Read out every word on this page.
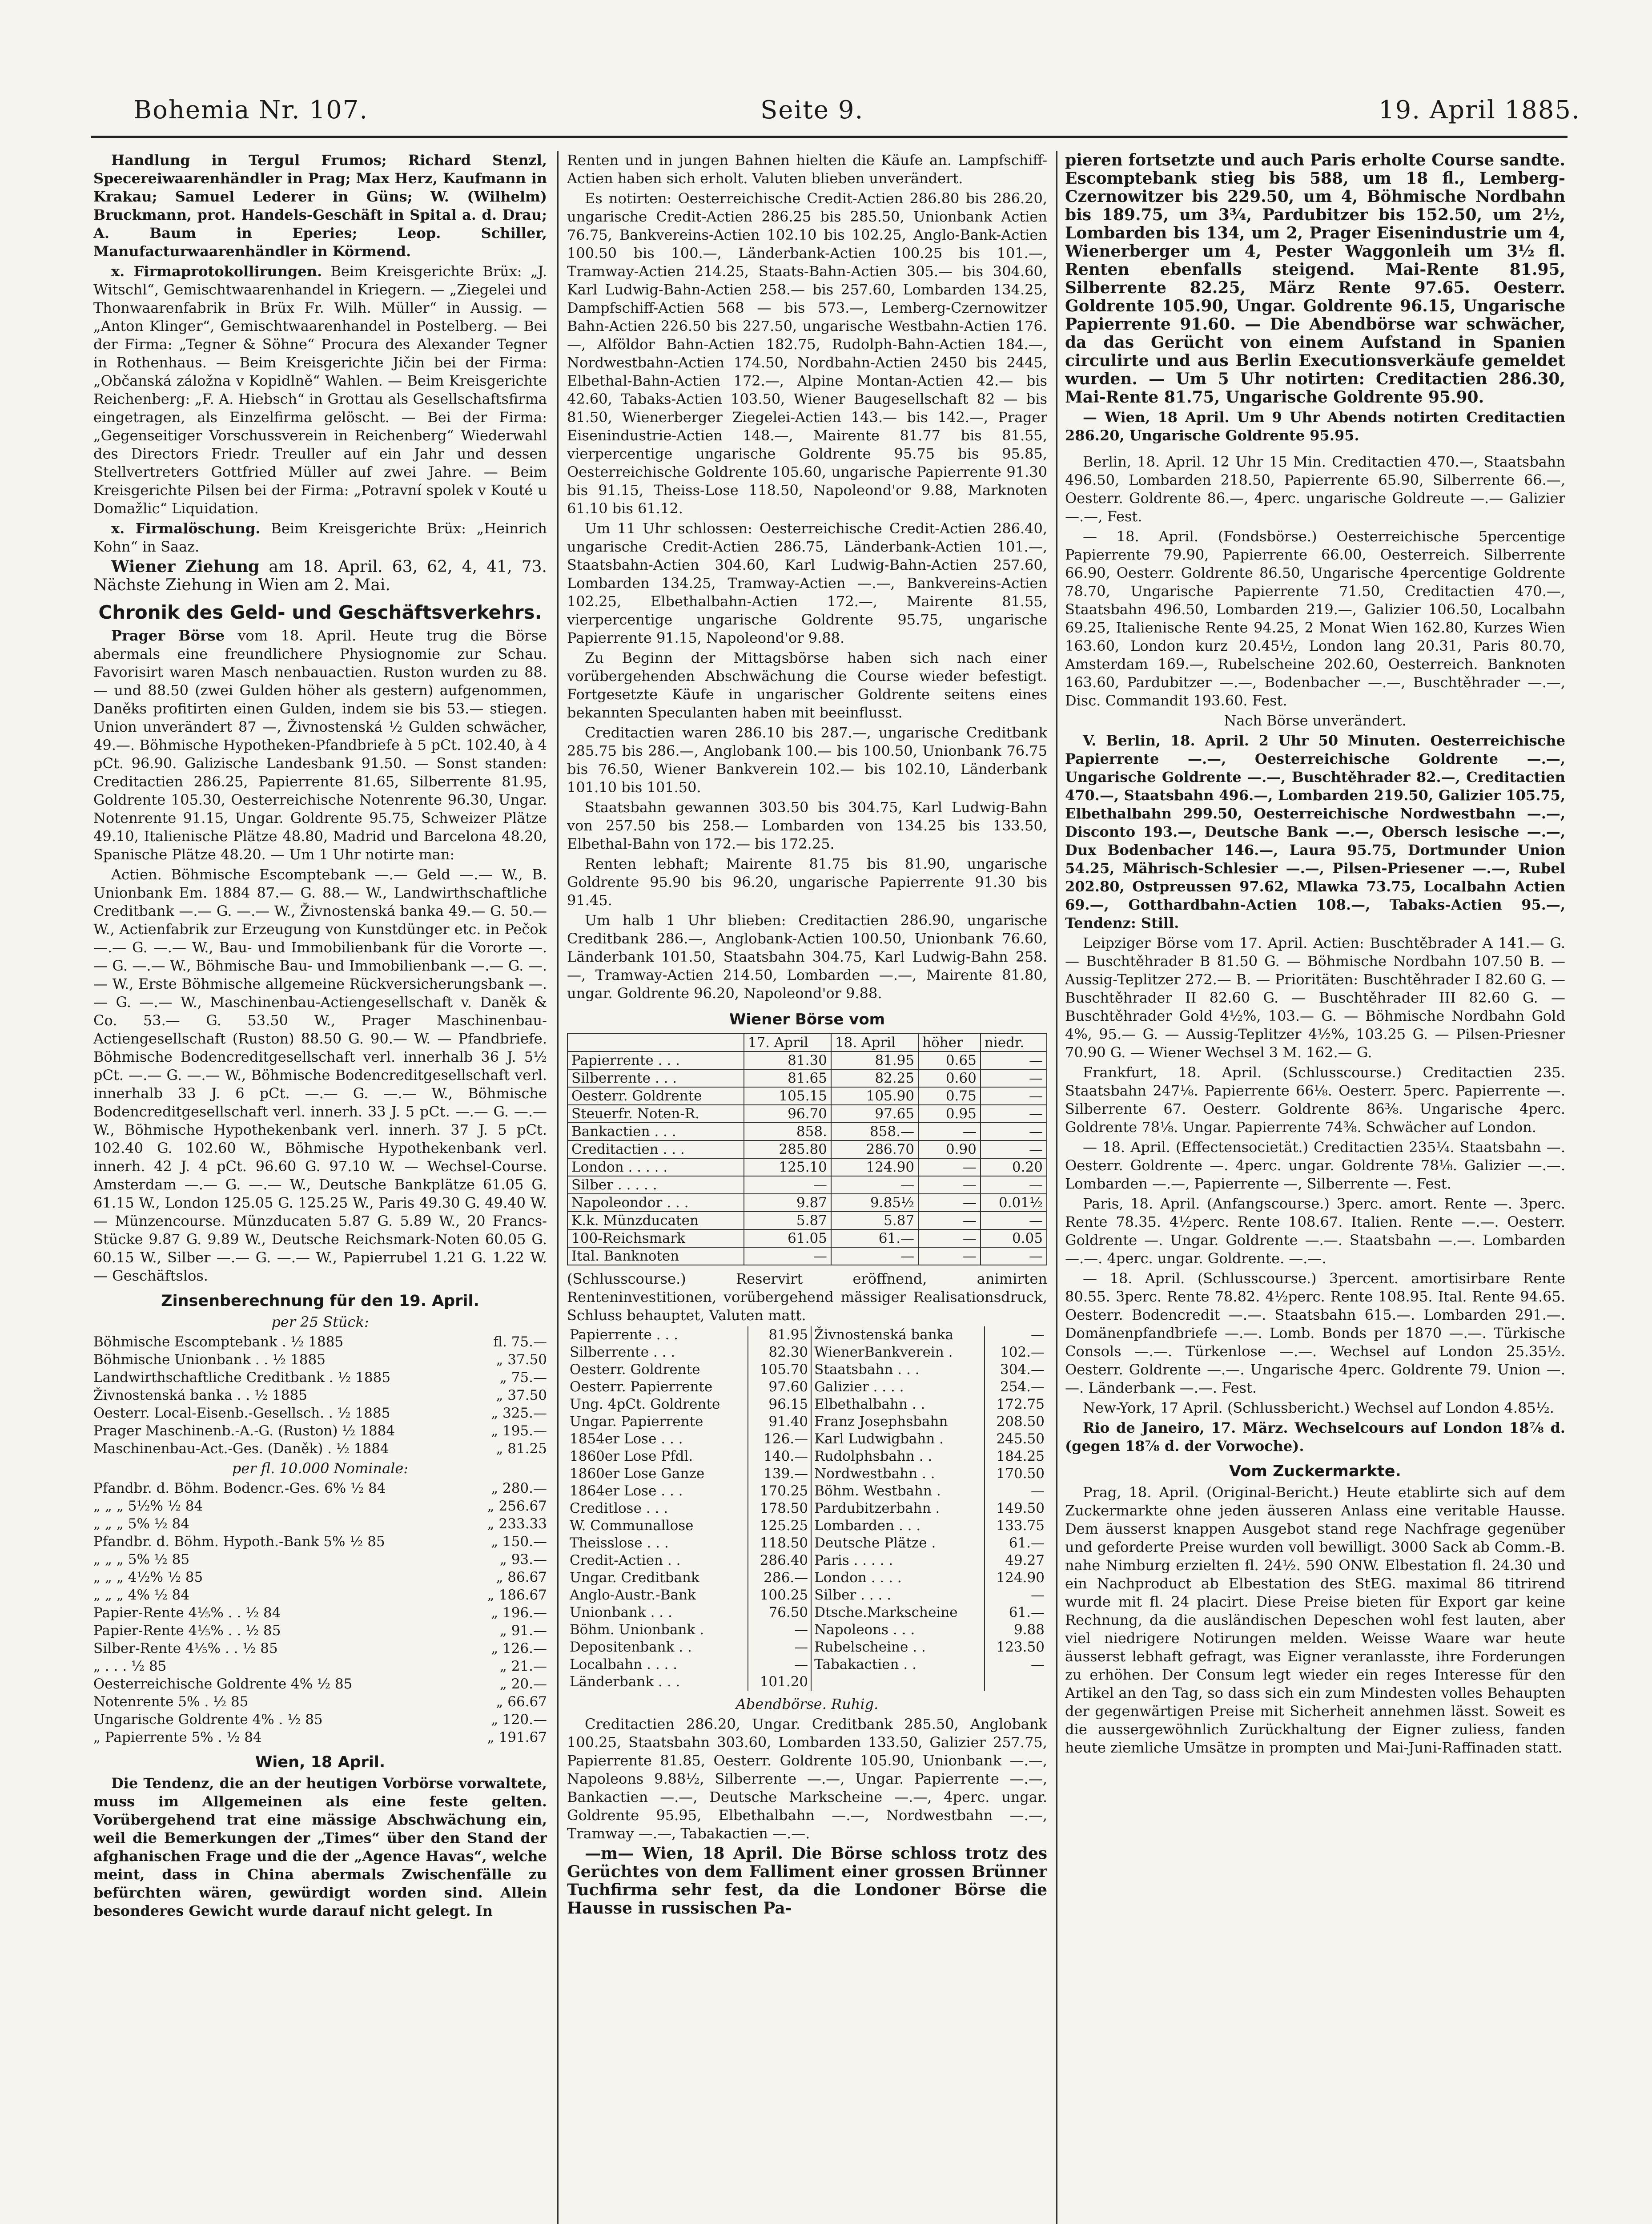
Bohemia Nr. 107.	Seite 9.	19. April 1885.

Handlung in Tergul Frumos; Richard Stenzl, Specereiwaarenhändler in Prag; Max Herz, Kaufmann in Krakau; Samuel Lederer in Güns; W. (Wilhelm) Bruckmann, prot. Handels-Geschäft in Spital a. d. Drau; A. Baum in Eperies; Leop. Schiller, Manufacturwaarenhändler in Körmend.

x. Firmaprotokollirungen. Beim Kreisgerichte Brüx: „J. Witschl“, Gemischtwaarenhandel in Kriegern. — „Ziegelei und Thonwaarenfabrik in Brüx Fr. Wilh. Müller“ in Aussig. — „Anton Klinger“, Gemischtwaarenhandel in Postelberg. — Bei der Firma: „Tegner & Söhne“ Procura des Alexander Tegner in Rothenhaus. — Beim Kreisgerichte Jičin bei der Firma: „Občanská záložna v Kopidlně“ Wahlen. — Beim Kreisgerichte Reichenberg: „F. A. Hiebsch“ in Grottau als Gesellschaftsfirma eingetragen, als Einzelfirma gelöscht. — Bei der Firma: „Gegenseitiger Vorschussverein in Reichenberg“ Wiederwahl des Directors Friedr. Treuller auf ein Jahr und dessen Stellvertreters Gottfried Müller auf zwei Jahre. — Beim Kreisgerichte Pilsen bei der Firma: „Potravní spolek v Kouté u Domažlic“ Liquidation.

x. Firmalöschung. Beim Kreisgerichte Brüx: „Heinrich Kohn“ in Saaz.

Wiener Ziehung am 18. April. 63, 62, 4, 41, 73. Nächste Ziehung in Wien am 2. Mai.

Chronik des Geld- und Geschäftsverkehrs.

Prager Börse vom 18. April. Heute trug die Börse abermals eine freundlichere Physiognomie zur Schau. Favorisirt waren Masch nenbauactien. Ruston wurden zu 88.— und 88.50 (zwei Gulden höher als gestern) aufgenommen, Daněks profitirten einen Gulden, indem sie bis 53.— stiegen. Union unverändert 87 —, Živnostenská ½ Gulden schwächer, 49.—. Böhmische Hypotheken-Pfandbriefe à 5 pCt. 102.40, à 4 pCt. 96.90. Galizische Landesbank 91.50. — Sonst standen: Creditactien 286.25, Papierrente 81.65, Silberrente 81.95, Goldrente 105.30, Oesterreichische Notenrente 96.30, Ungar. Notenrente 91.15, Ungar. Goldrente 95.75, Schweizer Plätze 49.10, Italienische Plätze 48.80, Madrid und Barcelona 48.20, Spanische Plätze 48.20. — Um 1 Uhr notirte man:

Actien. Böhmische Escomptebank —.— Geld —.— W., B. Unionbank Em. 1884 87.— G. 88.— W., Landwirthschaftliche Creditbank —.— G. —.— W., Živnostenská banka 49.— G. 50.— W., Actienfabrik zur Erzeugung von Kunstdünger etc. in Pečok —.— G. —.— W., Bau- und Immobilienbank für die Vororte —.— G. —.— W., Böhmische Bau- und Immobilienbank —.— G. —.— W., Erste Böhmische allgemeine Rückversicherungsbank —.— G. —.— W., Maschinenbau-Actiengesellschaft v. Daněk & Co. 53.— G. 53.50 W., Prager Maschinenbau-Actiengesellschaft (Ruston) 88.50 G. 90.— W. — Pfandbriefe. Böhmische Bodencreditgesellschaft verl. innerhalb 36 J. 5½ pCt. —.— G. —.— W., Böhmische Bodencreditgesellschaft verl. innerhalb 33 J. 6 pCt. —.— G. —.— W., Böhmische Bodencreditgesellschaft verl. innerh. 33 J. 5 pCt. —.— G. —.— W., Böhmische Hypothekenbank verl. innerh. 37 J. 5 pCt. 102.40 G. 102.60 W., Böhmische Hypothekenbank verl. innerh. 42 J. 4 pCt. 96.60 G. 97.10 W. — Wechsel-Course. Amsterdam —.— G. —.— W., Deutsche Bankplätze 61.05 G. 61.15 W., London 125.05 G. 125.25 W., Paris 49.30 G. 49.40 W. — Münzencourse. Münzducaten 5.87 G. 5.89 W., 20 Francs-Stücke 9.87 G. 9.89 W., Deutsche Reichsmark-Noten 60.05 G. 60.15 W., Silber —.— G. —.— W., Papierrubel 1.21 G. 1.22 W. — Geschäftslos.

Zinsenberechnung für den 19. April.
per 25 Stück:
Böhmische Escomptebank . ½ 1885	fl. 75.—
Böhmische Unionbank . . ½ 1885	„ 37.50
Landwirthschaftliche Creditbank . ½ 1885	„ 75.—
Živnostenská banka . . ½ 1885	„ 37.50
Oesterr. Local-Eisenb.-Gesellsch. . ½ 1885	„ 325.—
Prager Maschinenb.-A.-G. (Ruston) ½ 1884	„ 195.—
Maschinenbau-Act.-Ges. (Daněk) . ½ 1884	„ 81.25
per fl. 10.000 Nominale:
Pfandbr. d. Böhm. Bodencr.-Ges. 6% ½ 84	„ 280.—
„ „ „ 5½% ½ 84	„ 256.67
„ „ „ 5% ½ 84	„ 233.33
Pfandbr. d. Böhm. Hypoth.-Bank 5% ½ 85	„ 150.—
„ „ „ 5% ½ 85	„ 93.—
„ „ „ 4½% ½ 85	„ 86.67
„ „ „ 4% ½ 84	„ 186.67
Papier-Rente 4⅕% . . ½ 84	„ 196.—
Papier-Rente 4⅕% . . ½ 85	„ 91.—
Silber-Rente 4⅕% . . ½ 85	„ 126.—
„ . . . ½ 85	„ 21.—
Oesterreichische Goldrente 4% ½ 85	„ 20.—
Notenrente 5% . ½ 85	„ 66.67
Ungarische Goldrente 4% . ½ 85	„ 120.—
„ Papierrente 5% . ½ 84	„ 191.67
Wien, 18 April.

Die Tendenz, die an der heutigen Vorbörse vorwaltete, muss im Allgemeinen als eine feste gelten. Vorübergehend trat eine mässige Abschwächung ein, weil die Bemerkungen der „Times“ über den Stand der afghanischen Frage und die der „Agence Havas“, welche meint, dass in China abermals Zwischenfälle zu befürchten wären, gewürdigt worden sind. Allein besonderes Gewicht wurde darauf nicht gelegt. In

Renten und in jungen Bahnen hielten die Käufe an. Lampfschiff-Actien haben sich erholt. Valuten blieben unverändert.

Es notirten: Oesterreichische Credit-Actien 286.80 bis 286.20, ungarische Credit-Actien 286.25 bis 285.50, Unionbank Actien 76.75, Bankvereins-Actien 102.10 bis 102.25, Anglo-Bank-Actien 100.50 bis 100.—, Länderbank-Actien 100.25 bis 101.—, Tramway-Actien 214.25, Staats-Bahn-Actien 305.— bis 304.60, Karl Ludwig-Bahn-Actien 258.— bis 257.60, Lombarden 134.25, Dampfschiff-Actien 568 — bis 573.—, Lemberg-Czernowitzer Bahn-Actien 226.50 bis 227.50, ungarische Westbahn-Actien 176.—, Alföldor Bahn-Actien 182.75, Rudolph-Bahn-Actien 184.—, Nordwestbahn-Actien 174.50, Nordbahn-Actien 2450 bis 2445, Elbethal-Bahn-Actien 172.—, Alpine Montan-Actien 42.— bis 42.60, Tabaks-Actien 103.50, Wiener Baugesellschaft 82 — bis 81.50, Wienerberger Ziegelei-Actien 143.— bis 142.—, Prager Eisenindustrie-Actien 148.—, Mairente 81.77 bis 81.55, vierpercentige ungarische Goldrente 95.75 bis 95.85, Oesterreichische Goldrente 105.60, ungarische Papierrente 91.30 bis 91.15, Theiss-Lose 118.50, Napoleond'or 9.88, Marknoten 61.10 bis 61.12.

Um 11 Uhr schlossen: Oesterreichische Credit-Actien 286.40, ungarische Credit-Actien 286.75, Länderbank-Actien 101.—, Staatsbahn-Actien 304.60, Karl Ludwig-Bahn-Actien 257.60, Lombarden 134.25, Tramway-Actien —.—, Bankvereins-Actien 102.25, Elbethalbahn-Actien 172.—, Mairente 81.55, vierpercentige ungarische Goldrente 95.75, ungarische Papierrente 91.15, Napoleond'or 9.88.

Zu Beginn der Mittagsbörse haben sich nach einer vorübergehenden Abschwächung die Course wieder befestigt. Fortgesetzte Käufe in ungarischer Goldrente seitens eines bekannten Speculanten haben mit beeinflusst.

Creditactien waren 286.10 bis 287.—, ungarische Creditbank 285.75 bis 286.—, Anglobank 100.— bis 100.50, Unionbank 76.75 bis 76.50, Wiener Bankverein 102.— bis 102.10, Länderbank 101.10 bis 101.50.

Staatsbahn gewannen 303.50 bis 304.75, Karl Ludwig-Bahn von 257.50 bis 258.— Lombarden von 134.25 bis 133.50, Elbethal-Bahn von 172.— bis 172.25.

Renten lebhaft; Mairente 81.75 bis 81.90, ungarische Goldrente 95.90 bis 96.20, ungarische Papierrente 91.30 bis 91.45.

Um halb 1 Uhr blieben: Creditactien 286.90, ungarische Creditbank 286.—, Anglobank-Actien 100.50, Unionbank 76.60, Länderbank 101.50, Staatsbahn 304.75, Karl Ludwig-Bahn 258.—, Tramway-Actien 214.50, Lombarden —.—, Mairente 81.80, ungar. Goldrente 96.20, Napoleond'or 9.88.

Wiener Börse vom
	17. April	18. April	höher	niedr.
Papierrente . . .	81.30	81.95	0.65	—
Silberrente . . .	81.65	82.25	0.60	—
Oesterr. Goldrente	105.15	105.90	0.75	—
Steuerfr. Noten-R.	96.70	97.65	0.95	—
Bankactien . . .	858.	858.—	—	—
Creditactien . . .	285.80	286.70	0.90	—
London . . . . .	125.10	124.90	—	0.20
Silber . . . . .	—	—	—	—
Napoleondor . . .	9.87	9.85½	—	0.01½
K.k. Münzducaten	5.87	5.87	—	—
100-Reichsmark	61.05	61.—	—	0.05
Ital. Banknoten	—	—	—	—

(Schlusscourse.) Reservirt eröffnend, animirten Renteninvestitionen, vorübergehend mässiger Realisationsdruck, Schluss behauptet, Valuten matt.

Papierrente . . .	81.95	Živnostenská banka	—
Silberrente . . .	82.30	WienerBankverein .	102.—
Oesterr. Goldrente	105.70	Staatsbahn . . .	304.—
Oesterr. Papierrente	97.60	Galizier . . . .	254.—
Ung. 4pCt. Goldrente	96.15	Elbethalbahn . .	172.75
Ungar. Papierrente	91.40	Franz Josephsbahn	208.50
1854er Lose . . .	126.—	Karl Ludwigbahn .	245.50
1860er Lose Pfdl.	140.—	Rudolphsbahn . .	184.25
1860er Lose Ganze	139.—	Nordwestbahn . .	170.50
1864er Lose . . .	170.25	Böhm. Westbahn .	—
Creditlose . . .	178.50	Pardubitzerbahn .	149.50
W. Communallose	125.25	Lombarden . . .	133.75
Theisslose . . .	118.50	Deutsche Plätze .	61.—
Credit-Actien . .	286.40	Paris . . . . .	49.27
Ungar. Creditbank	286.—	London . . . .	124.90
Anglo-Austr.-Bank	100.25	Silber . . . .	—
Unionbank . . .	76.50	Dtsche.Markscheine	61.—
Böhm. Unionbank .	—	Napoleons . . .	9.88
Depositenbank . .	—	Rubelscheine . .	123.50
Localbahn . . . .	—	Tabakactien . .	—
Länderbank . . .	101.20		
Abendbörse. Ruhig.

Creditactien 286.20, Ungar. Creditbank 285.50, Anglobank 100.25, Staatsbahn 303.60, Lombarden 133.50, Galizier 257.75, Papierrente 81.85, Oesterr. Goldrente 105.90, Unionbank —.—, Napoleons 9.88½, Silberrente —.—, Ungar. Papierrente —.—, Bankactien —.—, Deutsche Markscheine —.—, 4perc. ungar. Goldrente 95.95, Elbethalbahn —.—, Nordwestbahn —.—, Tramway —.—, Tabakactien —.—.

—m— Wien, 18 April. Die Börse schloss trotz des Gerüchtes von dem Falliment einer grossen Brünner Tuchfirma sehr fest, da die Londoner Börse die Hausse in russischen Pa-

pieren fortsetzte und auch Paris erholte Course sandte. Escomptebank stieg bis 588, um 18 fl., Lemberg-Czernowitzer bis 229.50, um 4, Böhmische Nordbahn bis 189.75, um 3¾, Pardubitzer bis 152.50, um 2½, Lombarden bis 134, um 2, Prager Eisenindustrie um 4, Wienerberger um 4, Pester Waggonleih um 3½ fl. Renten ebenfalls steigend. Mai-Rente 81.95, Silberrente 82.25, März Rente 97.65. Oesterr. Goldrente 105.90, Ungar. Goldrente 96.15, Ungarische Papierrente 91.60. — Die Abendbörse war schwächer, da das Gerücht von einem Aufstand in Spanien circulirte und aus Berlin Executionsverkäufe gemeldet wurden. — Um 5 Uhr notirten: Creditactien 286.30, Mai-Rente 81.75, Ungarische Goldrente 95.90.

— Wien, 18 April. Um 9 Uhr Abends notirten Creditactien 286.20, Ungarische Goldrente 95.95.

Berlin, 18. April. 12 Uhr 15 Min. Creditactien 470.—, Staatsbahn 496.50, Lombarden 218.50, Papierrente 65.90, Silberrente 66.—, Oesterr. Goldrente 86.—, 4perc. ungarische Goldreute —.— Galizier —.—, Fest.

— 18. April. (Fondsbörse.) Oesterreichische 5percentige Papierrente 79.90, Papierrente 66.00, Oesterreich. Silberrente 66.90, Oesterr. Goldrente 86.50, Ungarische 4percentige Goldrente 78.70, Ungarische Papierrente 71.50, Creditactien 470.—, Staatsbahn 496.50, Lombarden 219.—, Galizier 106.50, Localbahn 69.25, Italienische Rente 94.25, 2 Monat Wien 162.80, Kurzes Wien 163.60, London kurz 20.45½, London lang 20.31, Paris 80.70, Amsterdam 169.—, Rubelscheine 202.60, Oesterreich. Banknoten 163.60, Pardubitzer —.—, Bodenbacher —.—, Buschtěhrader —.—, Disc. Commandit 193.60. Fest.

Nach Börse unverändert.

V. Berlin, 18. April. 2 Uhr 50 Minuten. Oesterreichische Papierrente —.—, Oesterreichische Goldrente —.—, Ungarische Goldrente —.—, Buschtěhrader 82.—, Creditactien 470.—, Staatsbahn 496.—, Lombarden 219.50, Galizier 105.75, Elbethalbahn 299.50, Oesterreichische Nordwestbahn —.—, Disconto 193.—, Deutsche Bank —.—, Obersch lesische —.—, Dux Bodenbacher 146.—, Laura 95.75, Dortmunder Union 54.25, Mährisch-Schlesier —.—, Pilsen-Priesener —.—, Rubel 202.80, Ostpreussen 97.62, Mlawka 73.75, Localbahn Actien 69.—, Gotthardbahn-Actien 108.—, Tabaks-Actien 95.—, Tendenz: Still.

Leipziger Börse vom 17. April. Actien: Buschtěbrader A 141.— G. — Buschtěhrader B 81.50 G. — Böhmische Nordbahn 107.50 B. — Aussig-Teplitzer 272.— B. — Prioritäten: Buschtěhrader I 82.60 G. — Buschtěhrader II 82.60 G. — Buschtěhrader III 82.60 G. — Buschtěhrader Gold 4½%, 103.— G. — Böhmische Nordbahn Gold 4%, 95.— G. — Aussig-Teplitzer 4½%, 103.25 G. — Pilsen-Priesner 70.90 G. — Wiener Wechsel 3 M. 162.— G.

Frankfurt, 18. April. (Schlusscourse.) Creditactien 235. Staatsbahn 247⅛. Papierrente 66⅛. Oesterr. 5perc. Papierrente —. Silberrente 67. Oesterr. Goldrente 86⅜. Ungarische 4perc. Goldrente 78⅛. Ungar. Papierrente 74⅜. Schwächer auf London.

— 18. April. (Effectensocietät.) Creditactien 235¼. Staatsbahn —. Oesterr. Goldrente —. 4perc. ungar. Goldrente 78⅛. Galizier —.—. Lombarden —.—, Papierrente —, Silberrente —. Fest.

Paris, 18. April. (Anfangscourse.) 3perc. amort. Rente —. 3perc. Rente 78.35. 4½perc. Rente 108.67. Italien. Rente —.—. Oesterr. Goldrente —. Ungar. Goldrente —.—. Staatsbahn —.—. Lombarden —.—. 4perc. ungar. Goldrente. —.—.

— 18. April. (Schlusscourse.) 3percent. amortisirbare Rente 80.55. 3perc. Rente 78.82. 4½perc. Rente 108.95. Ital. Rente 94.65. Oesterr. Bodencredit —.—. Staatsbahn 615.—. Lombarden 291.—. Domänenpfandbriefe —.—. Lomb. Bonds per 1870 —.—. Türkische Consols —.—. Türkenlose —.—. Wechsel auf London 25.35½. Oesterr. Goldrente —.—. Ungarische 4perc. Goldrente 79. Union —.—. Länderbank —.—. Fest.

New-York, 17 April. (Schlussbericht.) Wechsel auf London 4.85½.

Rio de Janeiro, 17. März. Wechselcours auf London 18⅞ d. (gegen 18⅞ d. der Vorwoche).

Vom Zuckermarkte.

Prag, 18. April. (Original-Bericht.) Heute etablirte sich auf dem Zuckermarkte ohne jeden äusseren Anlass eine veritable Hausse. Dem äusserst knappen Ausgebot stand rege Nachfrage gegenüber und geforderte Preise wurden voll bewilligt. 3000 Sack ab Comm.-B. nahe Nimburg erzielten fl. 24½. 590 ONW. Elbestation fl. 24.30 und ein Nachproduct ab Elbestation des StEG. maximal 86 titrirend wurde mit fl. 24 placirt. Diese Preise bieten für Export gar keine Rechnung, da die ausländischen Depeschen wohl fest lauten, aber viel niedrigere Notirungen melden. Weisse Waare war heute äusserst lebhaft gefragt, was Eigner veranlasste, ihre Forderungen zu erhöhen. Der Consum legt wieder ein reges Interesse für den Artikel an den Tag, so dass sich ein zum Mindesten volles Behaupten der gegenwärtigen Preise mit Sicherheit annehmen lässt. Soweit es die aussergewöhnlich Zurückhaltung der Eigner zuliess, fanden heute ziemliche Umsätze in prompten und Mai-Juni-Raffinaden statt.
